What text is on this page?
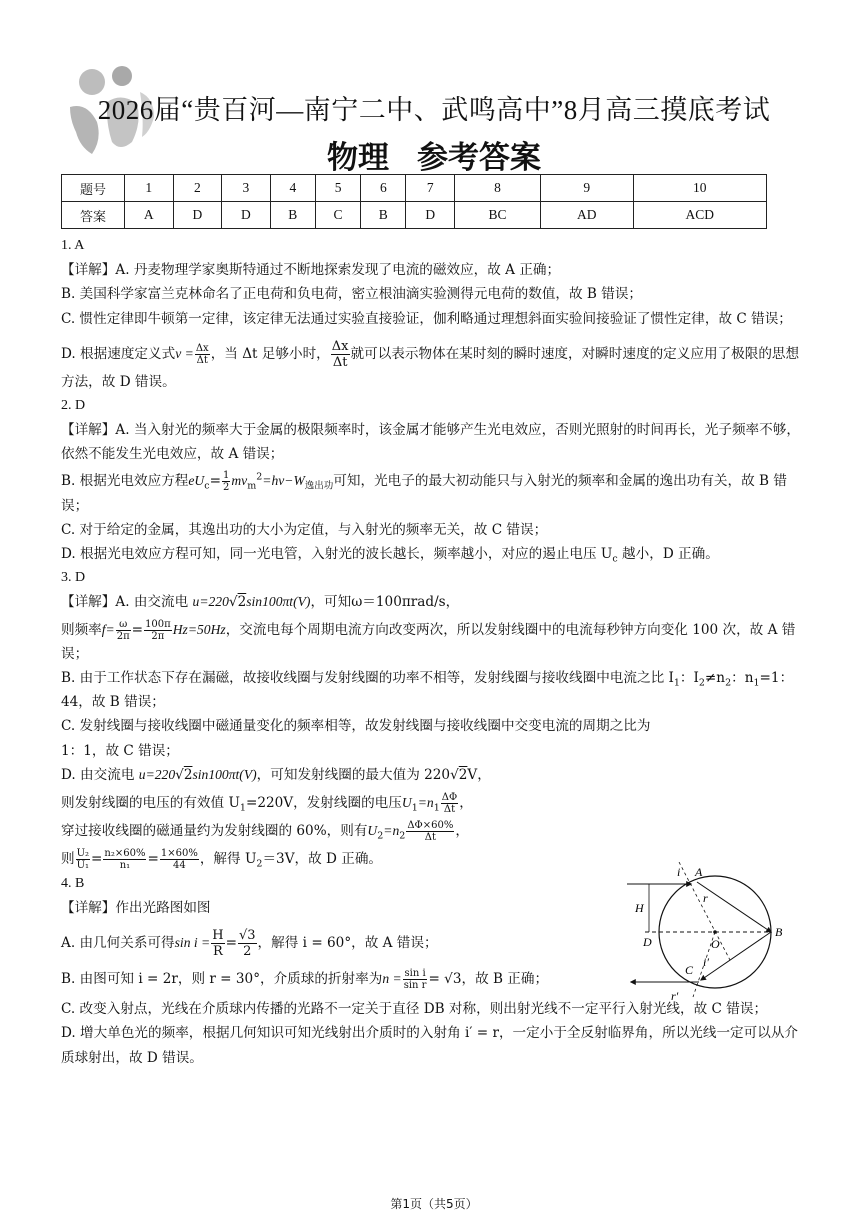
2026届“贵百河—南宁二中、武鸣高中”8月高三摸底考试
物理 参考答案
题号	1	2	3	4	5	6	7	8	9	10
答案	A	D	D	B	C	B	D	BC	AD	ACD

1. A

【详解】A. 丹麦物理学家奥斯特通过不断地探索发现了电流的磁效应，故 A 正确；

B. 美国科学家富兰克林命名了正电荷和负电荷，密立根油滴实验测得元电荷的数值，故 B 错误；

C. 惯性定律即牛顿第一定律，该定律无法通过实验直接验证，伽利略通过理想斜面实验间接验证了惯性定律，故 C 错误；

D. 根据速度定义式$v = \frac{\Delta x}{\Delta t}$ ，当 Δt 足够小时， $\frac{\Delta x}{\Delta t}$ 就可以表示物体在某时刻的瞬时速度，对瞬时速度的定义应用了极限的思想方法，故 D 错误。

2. D

【详解】A. 当入射光的频率大于金属的极限频率时，该金属才能够产生光电效应，否则光照射的时间再长，光子频率不够，依然不能发生光电效应，故 A 错误；

B. 根据光电效应方程$eU_c= \frac{1}{2} mv_m^2=h\nu-W_{逸出功}$可知，光电子的最大初动能只与入射光的频率和金属的逸出功有关，故 B 错误；

C. 对于给定的金属，其逸出功的大小为定值，与入射光的频率无关，故 C 错误；

D. 根据光电效应方程可知，同一光电管，入射光的波长越长，频率越小，对应的遏止电压 $U_c$ 越小，D 正确。

3. D

【详解】A. 由交流电 u=220√2sin100πt(V)，可知ω＝100πrad/s，

则频率$f= \frac{\omega}{2\pi} = \frac{100\pi}{2\pi} Hz=50Hz$，交流电每个周期电流方向改变两次，所以发射线圈中的电流每秒钟方向变化 100 次，故 A 错误；

B. 由于工作状态下存在漏磁，故接收线圈与发射线圈的功率不相等，发射线圈与接收线圈中电流之比 $I_1$：$I_2\ne n_2$：$n_1=1$：44，故 B 错误；

C. 发射线圈与接收线圈中磁通量变化的频率相等，故发射线圈与接收线圈中交变电流的周期之比为

1：1，故 C 错误；

D. 由交流电 u=220√2sin100πt(V)，可知发射线圈的最大值为 220√2V，

则发射线圈的电压的有效值 $U_1=220V$，发射线圈的电压$U_1=n_1 \frac{\Delta\Phi}{\Delta t}$ ，

穿过接收线圈的磁通量约为发射线圈的 60%，则有$U_2=n_2 \frac{\Delta\Phi\times 60\%}{\Delta t}$ ，

则 $\frac{\text{U₂}}{\text{U₁}} = \frac{\text{n₂×60\%}}{\text{n₁}} = \frac{1\times 60\%}{44}$ ，解得 $U_2=3V$，故 D 正确。

4. B

【详解】作出光路图如图

A. 由几何关系可得$\sin i = \frac{H}{R} = \frac{√3}{2}$ ，解得 i = 60°，故 A 错误；

B. 由图可知 i = 2r，则 r = 30°，介质球的折射率为$n = \frac{\text{sin i}}{\text{sin r}} = √3$，故 B 正确；

C. 改变入射点，光线在介质球内传播的光路不一定关于直径 DB 对称，则出射光线不一定平行入射光线，故 C 错误；

D. 增大单色光的频率，根据几何知识可知光线射出介质时的入射角 i′ = r，一定小于全反射临界角，所以光线一定可以从介质球射出，故 D 错误。

i A
r
H
D	O
B
C
i′
r′
第1页（共5页）
